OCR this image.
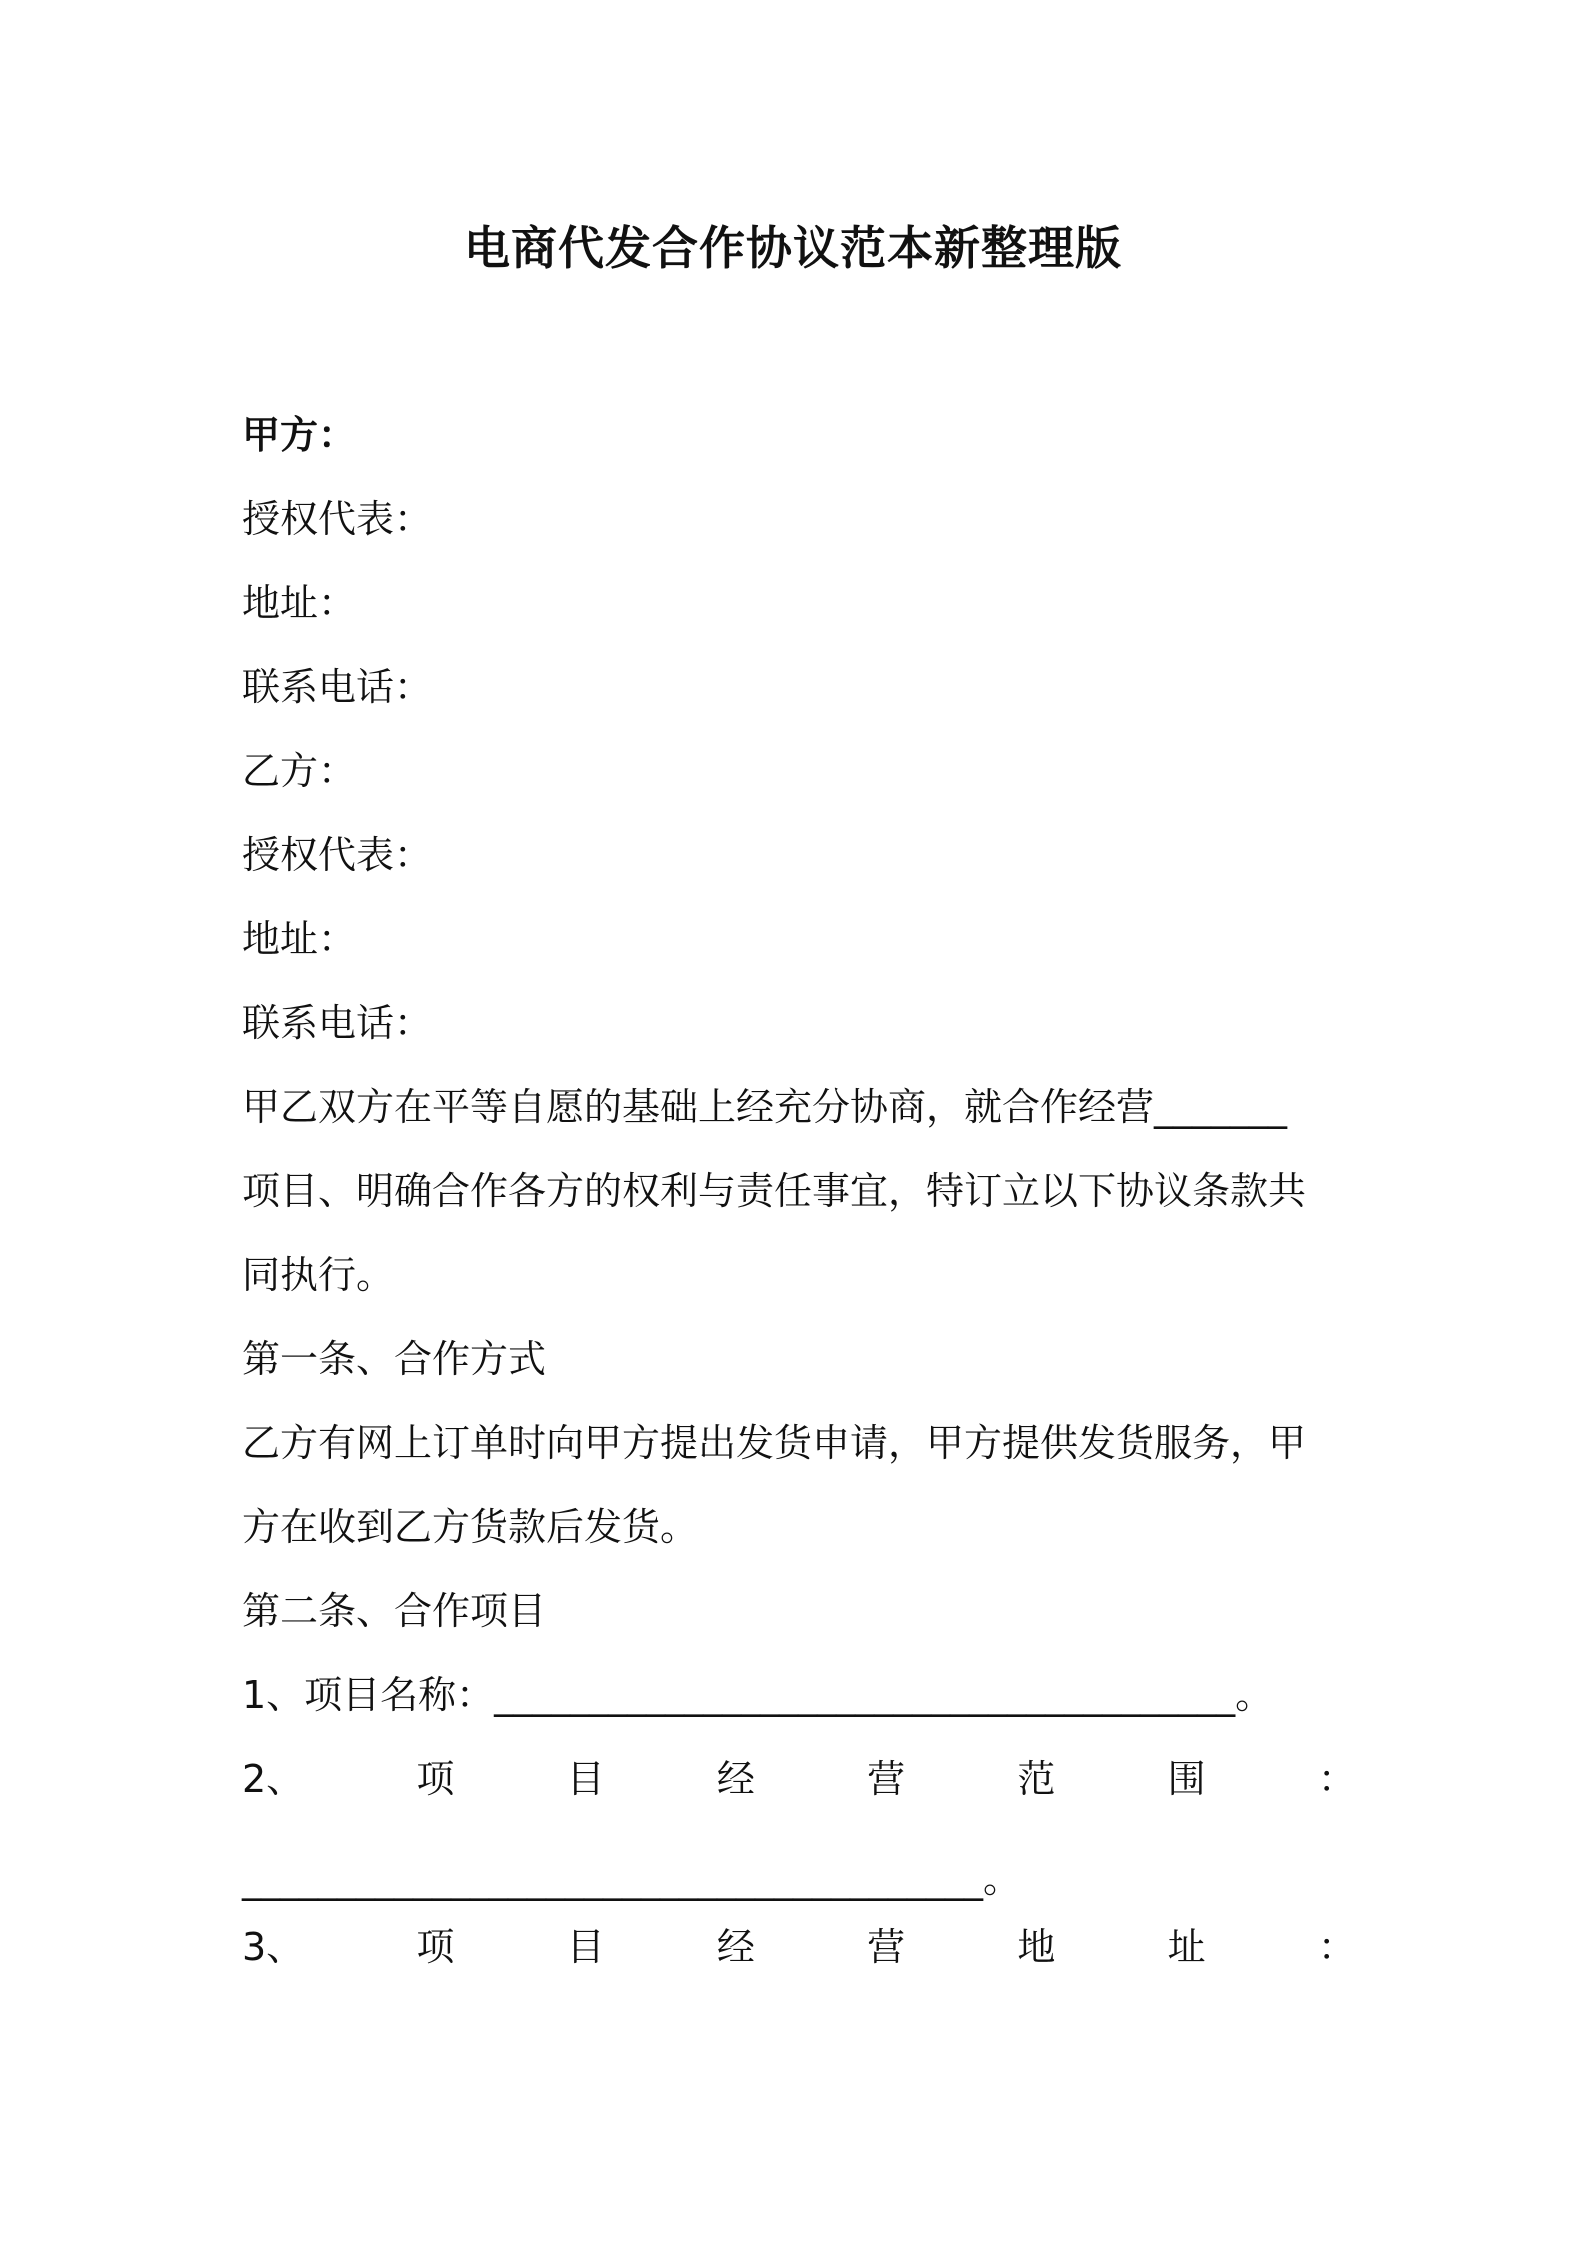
电商代发合作协议范本新整理版
甲方：
授权代表：
地址：
联系电话：
乙方：
授权代表：
地址：
联系电话：
甲乙双方在平等自愿的基础上经充分协商，就合作经营_______
项目、明确合作各方的权利与责任事宜，特订立以下协议条款共
同执行。
第一条、合作方式
乙方有网上订单时向甲方提出发货申请，甲方提供发货服务，甲
方在收到乙方货款后发货。
第二条、合作项目
1、项目名称：_______________________________________。
2、	项	目	经	营	范	围	：
_______________________________________。
3、	项	目	经	营	地	址	：
